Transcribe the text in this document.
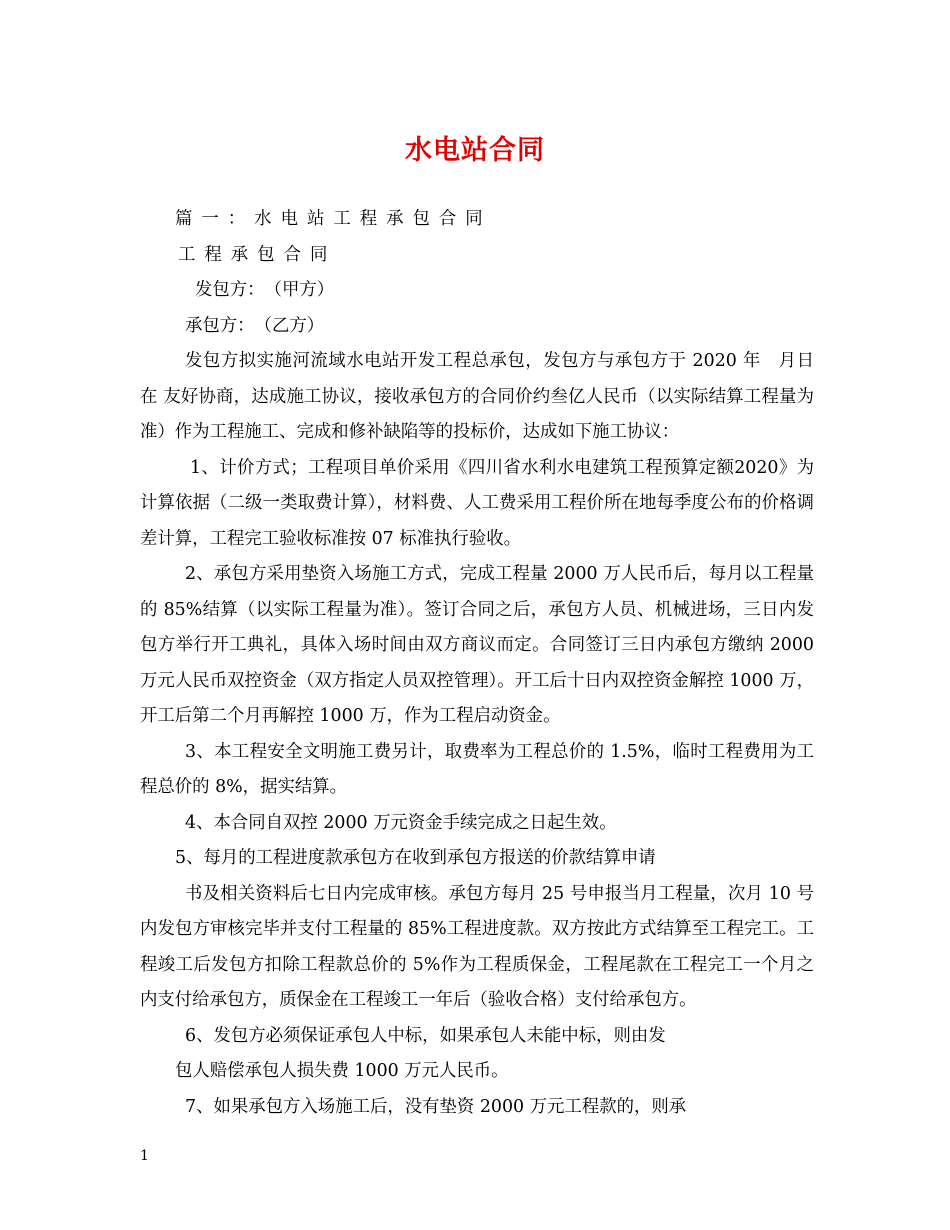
水电站合同

篇一：水电站工程承包合同

工程承包合同

发包方：　（甲方）

承包方：　（乙方）

发包方拟实施河流域水电站开发工程总承包，发包方与承包方于 2020 年　月日在 友好协商，达成施工协议，接收承包方的合同价约叁亿人民币（以实际结算工程量为准）作为工程施工、完成和修补缺陷等的投标价，达成如下施工协议：

1、计价方式；工程项目单价采用《四川省水利水电建筑工程预算定额2020》为计算依据（二级一类取费计算），材料费、人工费采用工程价所在地每季度公布的价格调差计算，工程完工验收标准按 07 标准执行验收。

2、承包方采用垫资入场施工方式，完成工程量 2000 万人民币后，每月以工程量的 85%结算（以实际工程量为准）。签订合同之后，承包方人员、机械进场，三日内发包方举行开工典礼，具体入场时间由双方商议而定。合同签订三日内承包方缴纳 2000 万元人民币双控资金（双方指定人员双控管理）。开工后十日内双控资金解控 1000 万，开工后第二个月再解控 1000 万，作为工程启动资金。

3、本工程安全文明施工费另计，取费率为工程总价的 1.5%，临时工程费用为工程总价的 8%，据实结算。

4、本合同自双控 2000 万元资金手续完成之日起生效。

5、每月的工程进度款承包方在收到承包方报送的价款结算申请

书及相关资料后七日内完成审核。承包方每月 25 号申报当月工程量，次月 10 号内发包方审核完毕并支付工程量的 85%工程进度款。双方按此方式结算至工程完工。工程竣工后发包方扣除工程款总价的 5%作为工程质保金，工程尾款在工程完工一个月之内支付给承包方，质保金在工程竣工一年后（验收合格）支付给承包方。

6、发包方必须保证承包人中标，如果承包人未能中标，则由发

包人赔偿承包人损失费 1000 万元人民币。

7、如果承包方入场施工后，没有垫资 2000 万元工程款的，则承

1
